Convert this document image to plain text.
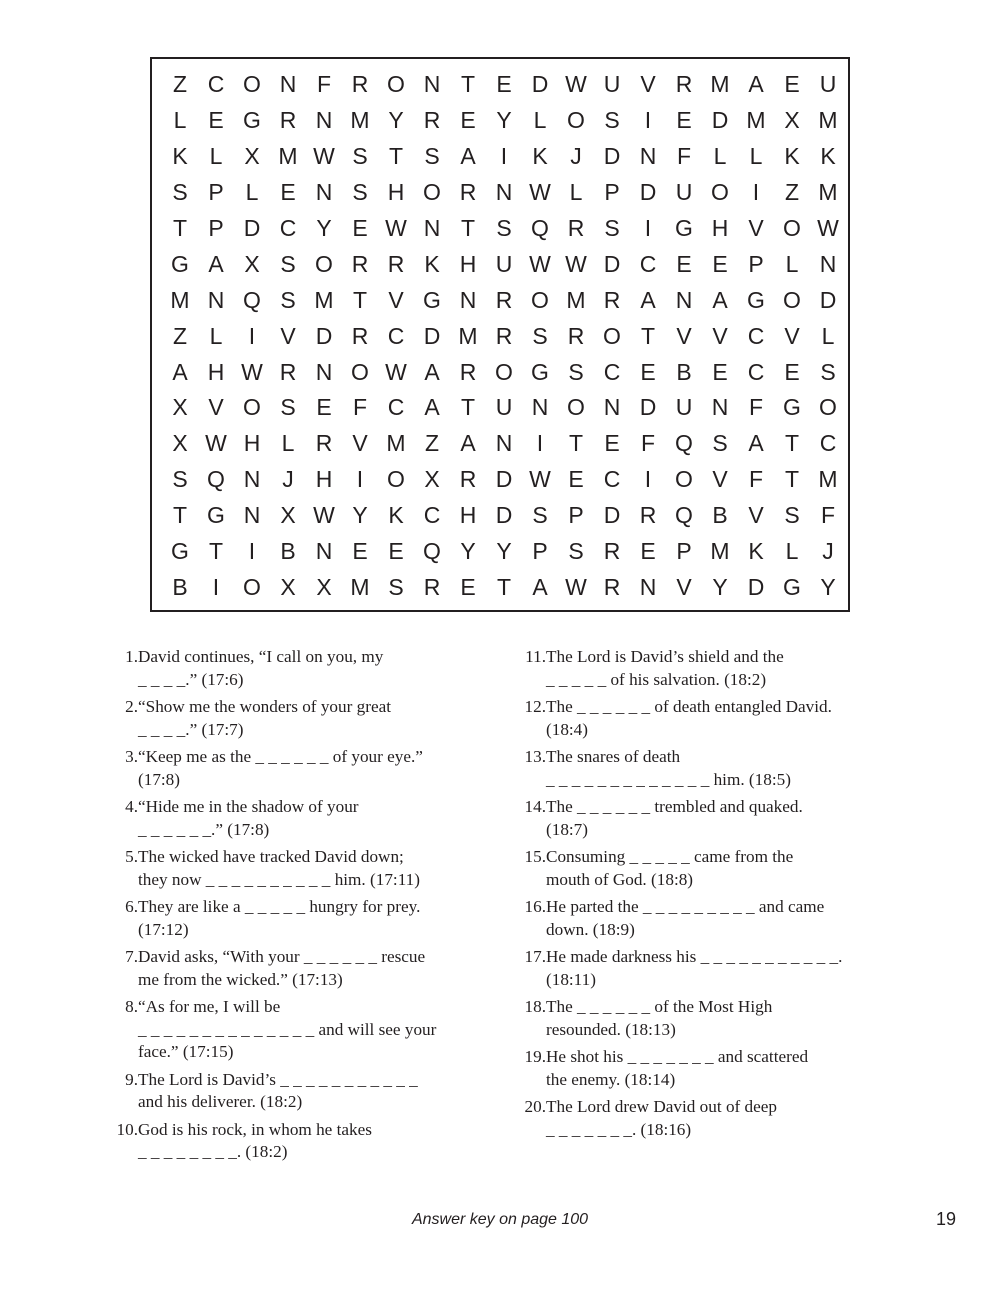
Z C O N F R O N T E D W U V R M A E U
L E G R N M Y R E Y L O S	I	E D M X M
K L X M W S T S A	I	K J D N F L	L K K
S P L E N S H O R N W L P D U O	I	Z M
T P D C Y E W N T S Q R S	I	G H V O W
G A X S O R R K H U W W D C E E P L N
M N Q S M T V G N R O M R A N A G O D
Z L	I	V D R C D M R S R O T V V C V L
A H W R N O W A R O G S C E B E C E S
X V O S E F C A T U N O N D U N F G O
X W H L R V M Z A N	I	T E F Q S A T C
S Q N J H	I	O X R D W E C	I	O V F T M
T G N X W Y K C H D S P D R Q B V S F
G T	I	B N E E Q Y Y P S R E P M K L	J
B	I	O X X M S R E T A W R N V Y D G Y
1. David continues, “I call on you, my
_ _ _ _.” (17:6)
2. “Show me the wonders of your great
_ _ _ _.” (17:7)
3. “Keep me as the _ _ _ _ _ _ of your eye.”
(17:8)
4. “Hide me in the shadow of your
_ _ _ _ _ _.” (17:8)
5. The wicked have tracked David down;
they now _ _ _ _ _ _ _ _ _ _ him. (17:11)
6. They are like a _ _ _ _ _ hungry for prey.
(17:12)
7. David asks, “With your _ _ _ _ _ _ rescue
me from the wicked.” (17:13)
8. “As for me, I will be
_ _ _ _ _ _ _ _ _ _ _ _ _ _ and will see your
face.” (17:15)
9. The Lord is David’s _ _ _ _ _ _ _ _ _ _ _
and his deliverer. (18:2)
10. God is his rock, in whom he takes
_ _ _ _ _ _ _ _. (18:2)
11. The Lord is David’s shield and the
_ _ _ _ _ of his salvation. (18:2)
12. The _ _ _ _ _ _ of death entangled David.
(18:4)
13. The snares of death
_ _ _ _ _ _ _ _ _ _ _ _ _ him. (18:5)
14. The _ _ _ _ _ _ trembled and quaked.
(18:7)
15. Consuming _ _ _ _ _ came from the
mouth of God. (18:8)
16. He parted the _ _ _ _ _ _ _ _ _ and came
down. (18:9)
17. He made darkness his _ _ _ _ _ _ _ _ _ _ _.
(18:11)
18. The _ _ _ _ _ _ of the Most High
resounded. (18:13)
19. He shot his _ _ _ _ _ _ _ and scattered
the enemy. (18:14)
20. The Lord drew David out of deep
_ _ _ _ _ _ _. (18:16)
Answer key on page 100	19
